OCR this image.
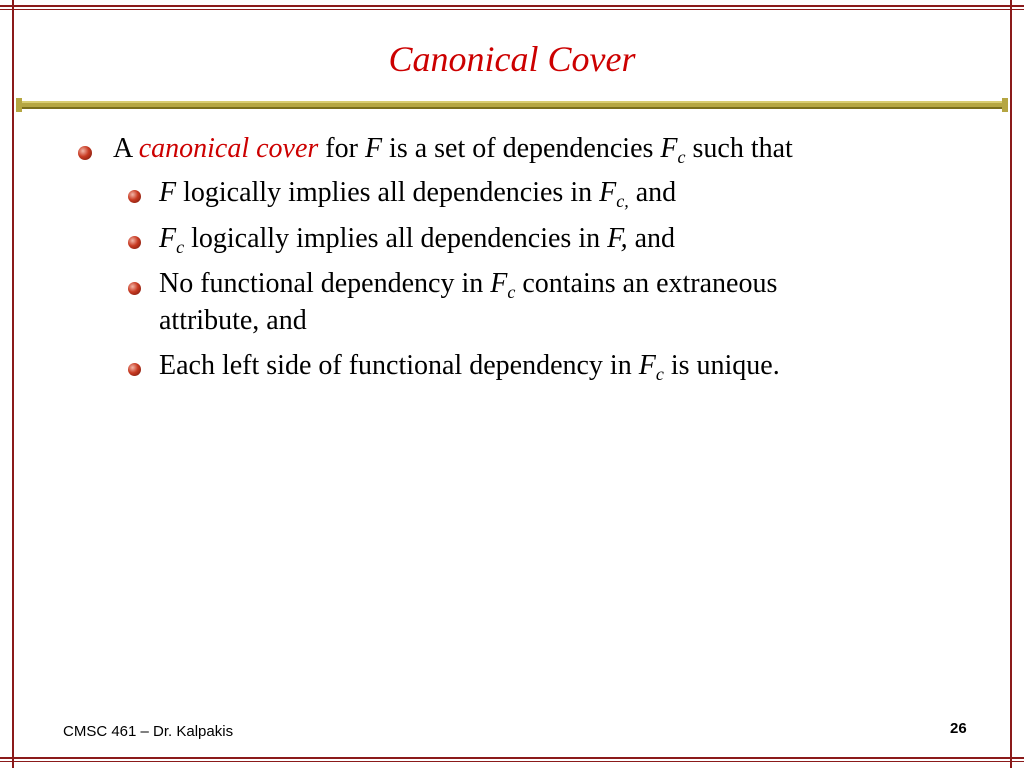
Canonical Cover
A canonical cover for F is a set of dependencies $F_c$ such that
F logically implies all dependencies in $F_{c,}$ and
$F_c$ logically implies all dependencies in F, and
No functional dependency in $F_c$ contains an extraneous
attribute, and
Each left side of functional dependency in $F_c$ is unique.
CMSC 461 – Dr. Kalpakis	26
